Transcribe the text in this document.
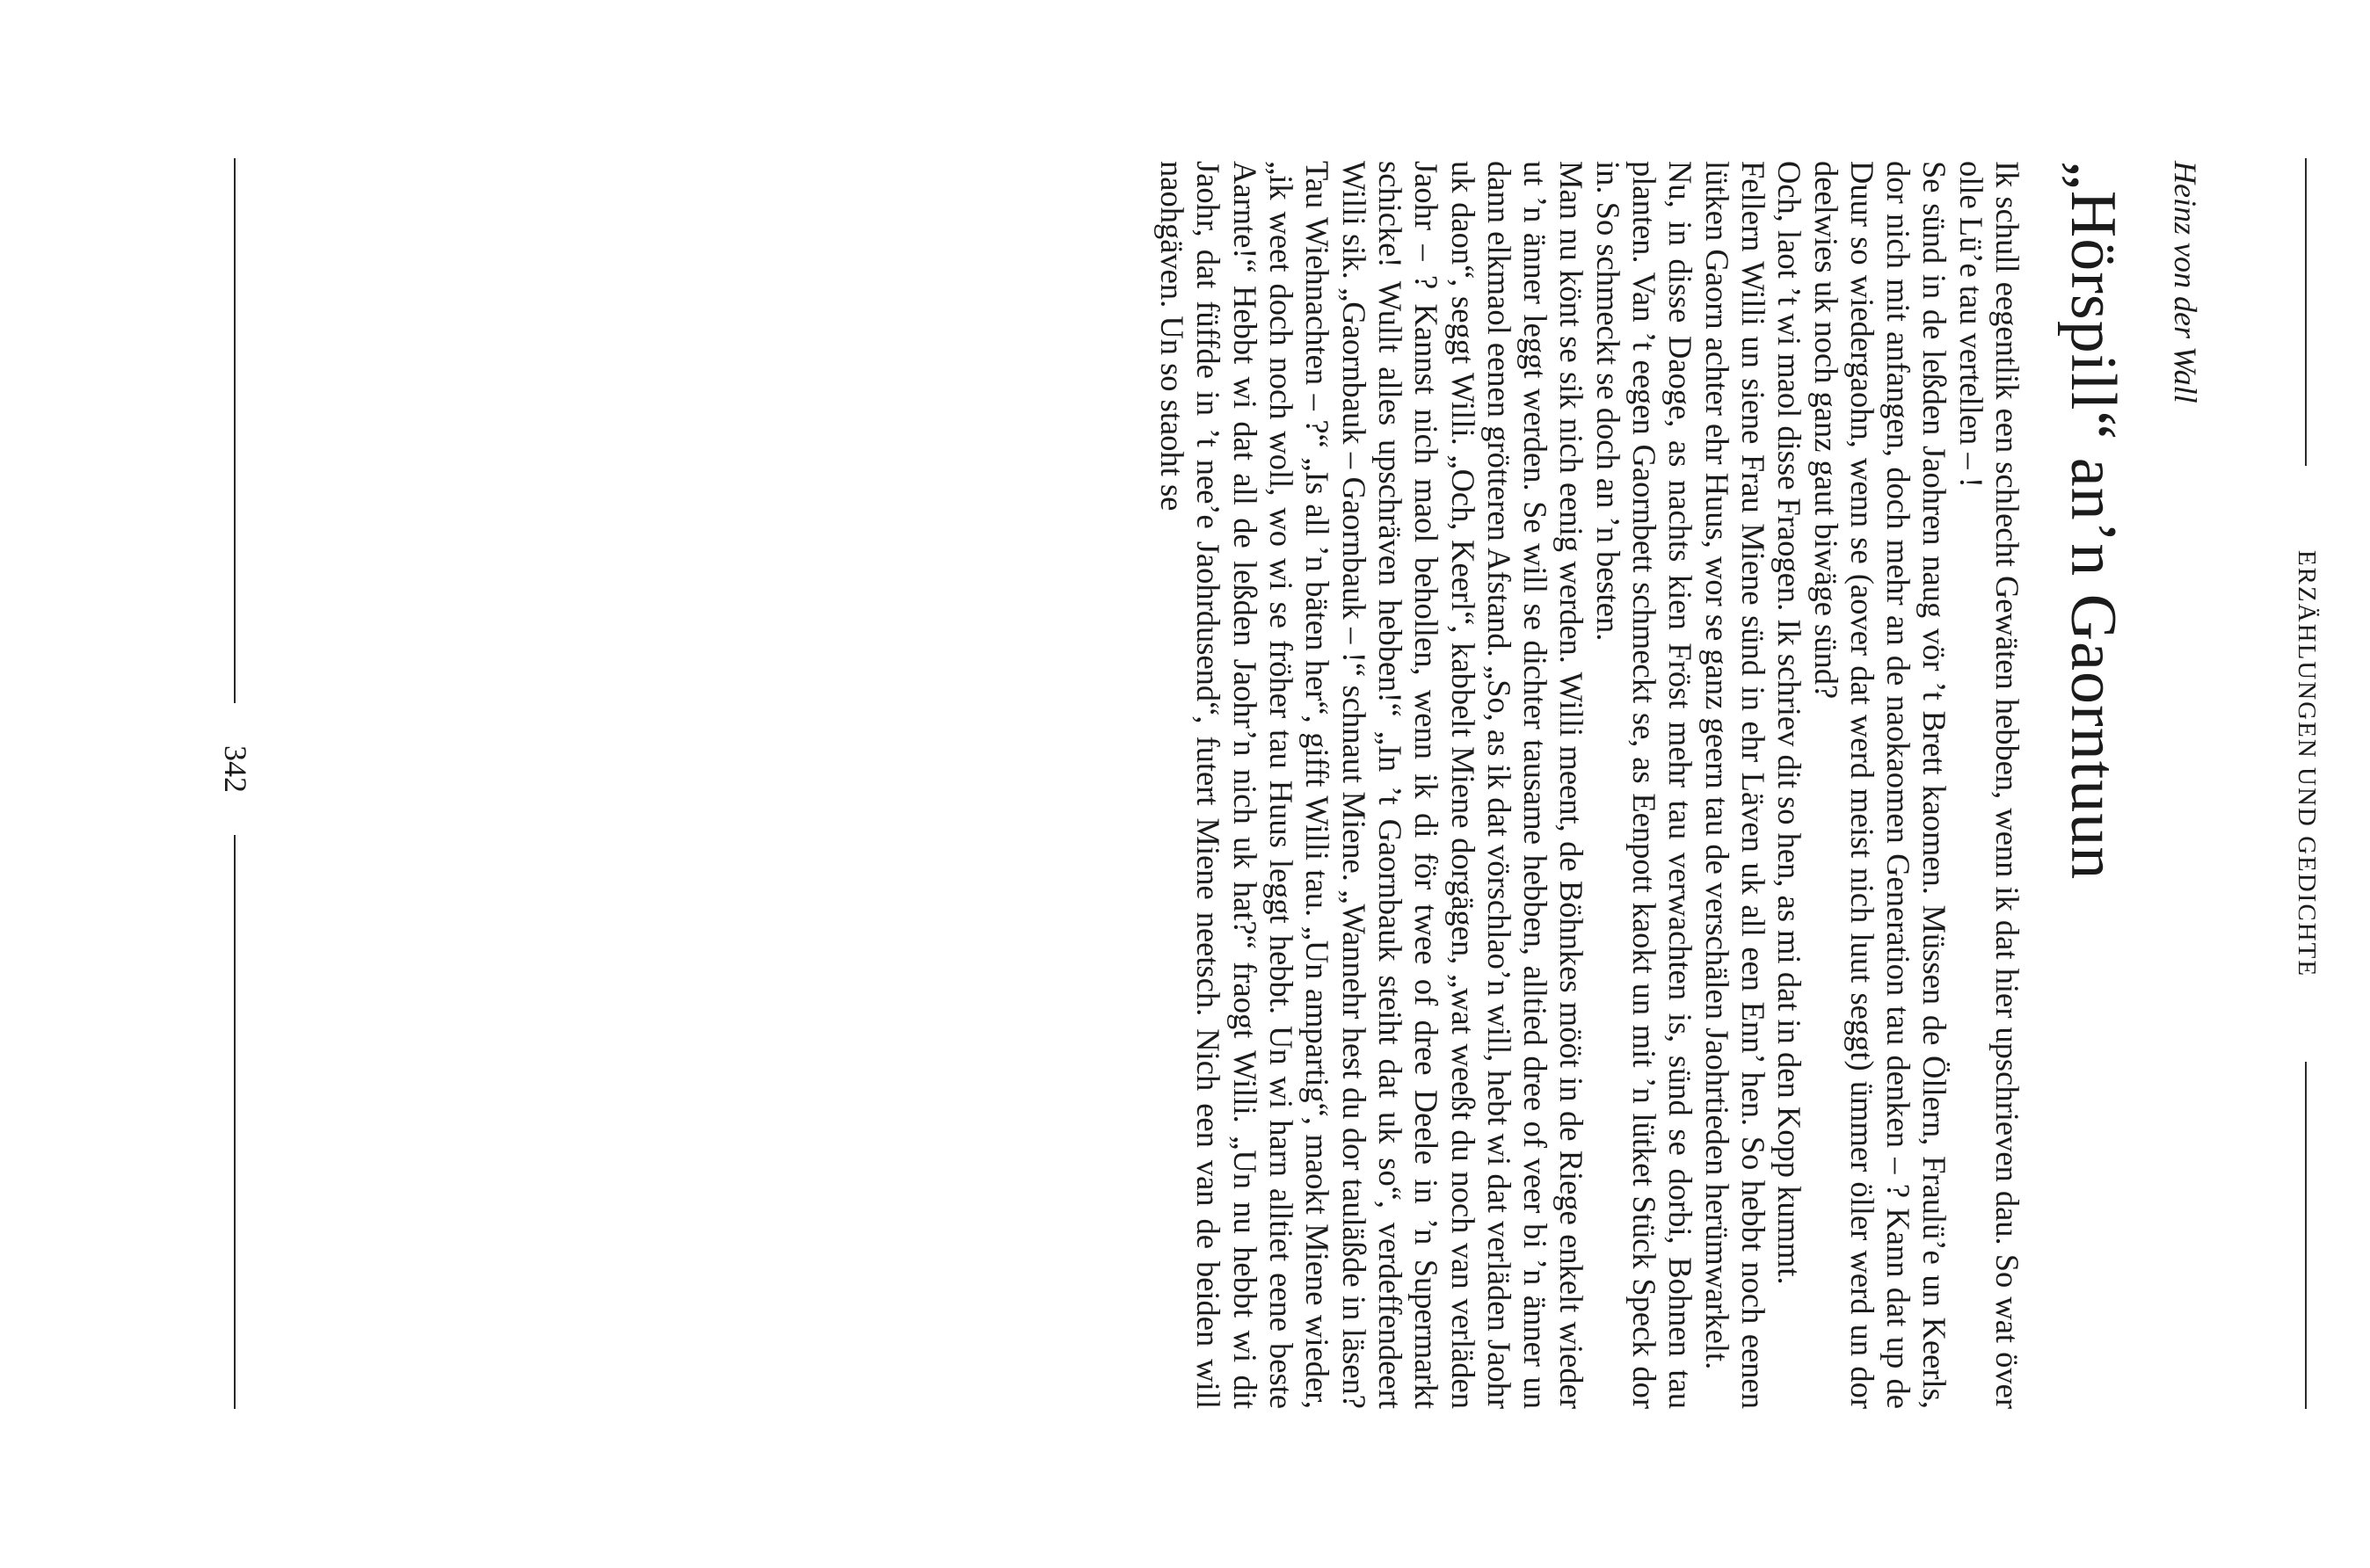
ERZÄHLUNGEN UND GEDICHTE
Heinz von der Wall
„Hörspill“ an’n Gaorntuun

Ik schull eegentlik een schlecht Gewäten hebben, wenn ik dat hier upschrieven dau. So wat över olle Lü’e tau vertellen – !

Se sünd in de leßden Jaohren naug vör ’t Brett kaomen. Müssen de Öllern, Fraulü’e un Keerls, dor nich mit anfangen, doch mehr an de naokaomen Generation tau denken – ? Kann dat up de Duur so wiedergaohn, wenn se (aover dat werd meist nich luut seggt) ümmer öller werd un dor deelwies uk noch ganz gaut biwäge sünd?

Och, laot ’t wi maol disse Fraogen. Ik schriev dit so hen, as mi dat in den Kopp kummt.

Fellern Willi un siene Frau Miene sünd in ehr Läven uk all een Enn’ hen. So hebbt noch eenen lütken Gaorn achter ehr Huus, wor se ganz geern tau de verschälen Jaohrtieden herümwarkelt.

Nu, in disse Daoge, as nachts kien Fröst mehr tau verwachten is, sünd se dorbi, Bohnen tau planten. Van ’t eegen Gaornbett schmeckt se, as Eenpott kaokt un mit ’n lütket Stück Speck dor in. So schmeckt se doch an ’n besten.

Man nu könt se sik nich eenig werden. Willi meent, de Böhnkes mööt in de Riege enkelt wieder ut ’n änner leggt werden. Se will se dichter tausame hebben, alltied dree of veer bi ’n änner un dann elkmaol eenen grötteren Afstand. „So, as ik dat vörschlao’n will, hebt wi dat verläden Jaohr uk daon“, seggt Willi. „Och, Keerl“, kabbelt Miene dorgägen, „wat weeßt du noch van verläden Jaohr – ? Kannst nich maol behollen, wenn ik di för twee of dree Deele in ’n Supermarkt schicke! Wullt alles upschräven hebben!“ „In ’t Gaornbauk steiht dat uk so“, verdeffendeert Willi sik. „Gaornbauk – Gaornbauk – !“ schnaut Miene. „Wannehr hest du dor tauläßde in läsen? Tau Wiehnachten – ?“ „Is all ’n bäten her“, gifft Willi tau. „Un ampartig“, maokt Miene wieder, „ik weet doch noch woll, wo wi se fröher tau Huus leggt hebbt. Un wi harn alltiet eene beste Aarnte!“ Hebbt wi dat all de leßden Jaohr’n nich uk hat?“ fraogt Willi. „Un nu hebbt wi dit Jaohr, dat füffde in ’t nee’e Jaohrdusend“, futert Miene neetsch. Nich een van de beiden will naohgäven. Un so staoht se

342
